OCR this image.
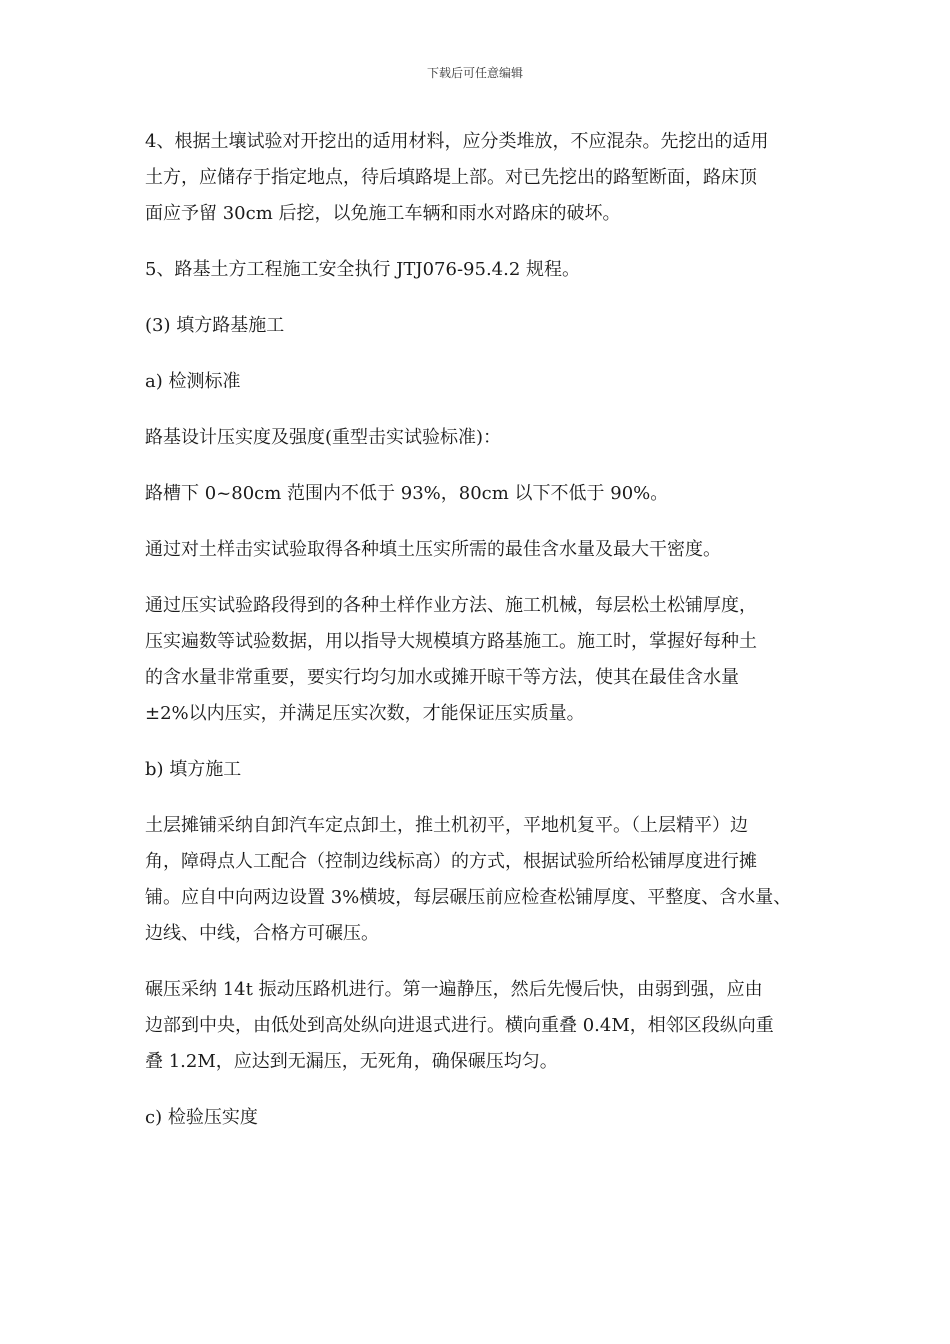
下载后可任意编辑

4、根据土壤试验对开挖出的适用材料，应分类堆放，不应混杂。先挖出的适用
土方，应储存于指定地点，待后填路堤上部。对已先挖出的路堑断面，路床顶
面应予留 30cm 后挖，以免施工车辆和雨水对路床的破坏。

5、路基土方工程施工安全执行 JTJ076-95.4.2 规程。

(3) 填方路基施工

a) 检测标准

路基设计压实度及强度(重型击实试验标准)：

路槽下 0~80cm 范围内不低于 93%，80cm 以下不低于 90%。

通过对土样击实试验取得各种填土压实所需的最佳含水量及最大干密度。

通过压实试验路段得到的各种土样作业方法、施工机械，每层松土松铺厚度，
压实遍数等试验数据，用以指导大规模填方路基施工。施工时，掌握好每种土
的含水量非常重要，要实行均匀加水或摊开晾干等方法，使其在最佳含水量
±2%以内压实，并满足压实次数，才能保证压实质量。

b) 填方施工

土层摊铺采纳自卸汽车定点卸土，推土机初平，平地机复平。（上层精平）边
角，障碍点人工配合（控制边线标高）的方式，根据试验所给松铺厚度进行摊
铺。应自中向两边设置 3%横坡，每层碾压前应检查松铺厚度、平整度、含水量、
边线、中线，合格方可碾压。

碾压采纳 14t 振动压路机进行。第一遍静压，然后先慢后快，由弱到强，应由
边部到中央，由低处到高处纵向进退式进行。横向重叠 0.4M，相邻区段纵向重
叠 1.2M，应达到无漏压，无死角，确保碾压均匀。

c) 检验压实度
